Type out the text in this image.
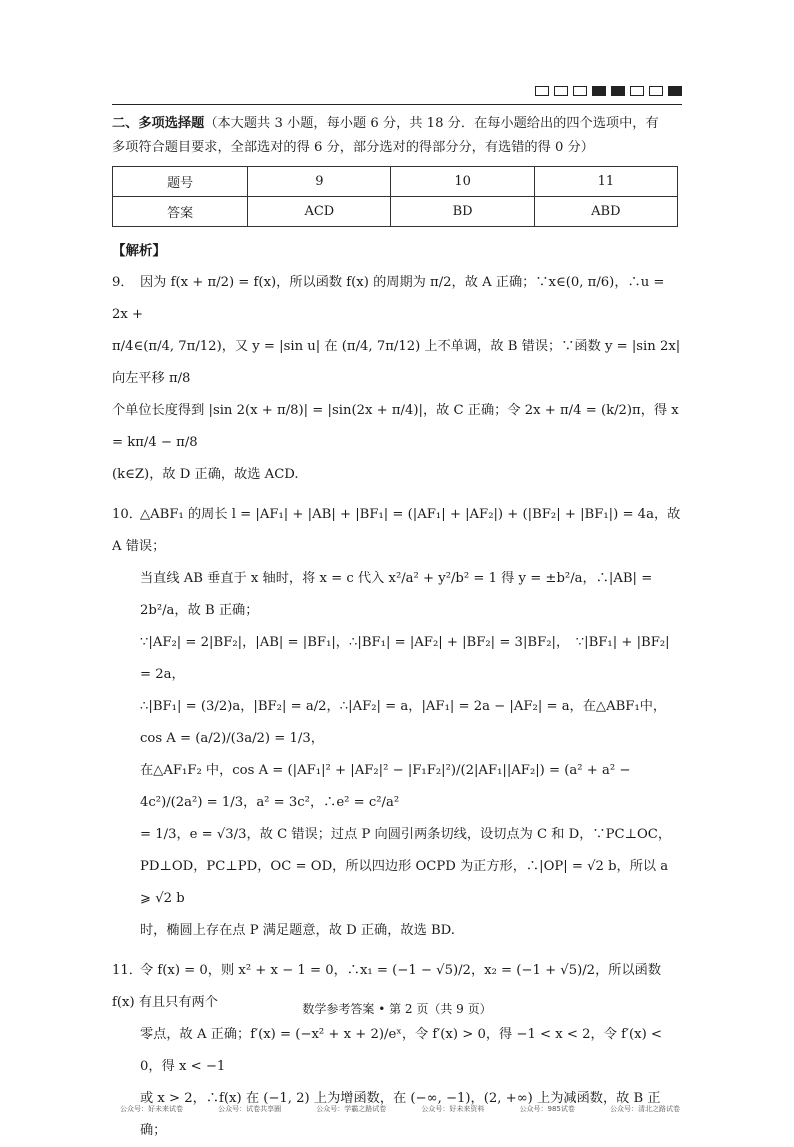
二、多项选择题（本大题共 3 小题，每小题 6 分，共 18 分．在每小题给出的四个选项中，有
多项符合题目要求，全部选对的得 6 分，部分选对的得部分分，有选错的得 0 分）
题号	9	10	11
答案	ACD	BD	ABD
【解析】

9． 因为 f(x + π/2) = f(x)，所以函数 f(x) 的周期为 π/2，故 A 正确；∵x∈(0, π/6)，∴u = 2x +

π/4∈(π/4, 7π/12)，又 y = |sin u| 在 (π/4, 7π/12) 上不单调，故 B 错误；∵函数 y = |sin 2x| 向左平移 π/8

个单位长度得到 |sin 2(x + π/8)| = |sin(2x + π/4)|，故 C 正确；令 2x + π/4 = (k/2)π，得 x = kπ/4 − π/8

(k∈Z)，故 D 正确，故选 ACD.

10．△ABF₁ 的周长 l = |AF₁| + |AB| + |BF₁| = (|AF₁| + |AF₂|) + (|BF₂| + |BF₁|) = 4a，故 A 错误；

当直线 AB 垂直于 x 轴时，将 x = c 代入 x²/a² + y²/b² = 1 得 y = ±b²/a，∴|AB| = 2b²/a，故 B 正确；

∵|AF₂| = 2|BF₂|，|AB| = |BF₁|，∴|BF₁| = |AF₂| + |BF₂| = 3|BF₂|，　∵|BF₁| + |BF₂| = 2a，

∴|BF₁| = (3/2)a，|BF₂| = a/2，∴|AF₂| = a，|AF₁| = 2a − |AF₂| = a，在△ABF₁中，cos A = (a/2)/(3a/2) = 1/3，

在△AF₁F₂ 中，cos A = (|AF₁|² + |AF₂|² − |F₁F₂|²)/(2|AF₁||AF₂|) = (a² + a² − 4c²)/(2a²) = 1/3，a² = 3c²，∴e² = c²/a²

= 1/3，e = √3/3，故 C 错误；过点 P 向圆引两条切线，设切点为 C 和 D，∵PC⊥OC，

PD⊥OD，PC⊥PD，OC = OD，所以四边形 OCPD 为正方形，∴|OP| = √2 b，所以 a ⩾ √2 b

时，椭圆上存在点 P 满足题意，故 D 正确，故选 BD.

11．令 f(x) = 0，则 x² + x − 1 = 0，∴x₁ = (−1 − √5)/2，x₂ = (−1 + √5)/2，所以函数 f(x) 有且只有两个

零点，故 A 正确；f′(x) = (−x² + x + 2)/eˣ，令 f′(x) > 0，得 −1 < x < 2，令 f′(x) < 0，得 x < −1

或 x > 2，∴f(x) 在 (−1, 2) 上为增函数，在 (−∞, −1)，(2, +∞) 上为减函数，故 B 正确；

数学参考答案 • 第 2 页（共 9 页）
公众号：好未来试卷	公众号：试卷共享圈	公众号：学霸之路试卷	公众号：好未来资料	公众号：985试卷	公众号：清北之路试卷
